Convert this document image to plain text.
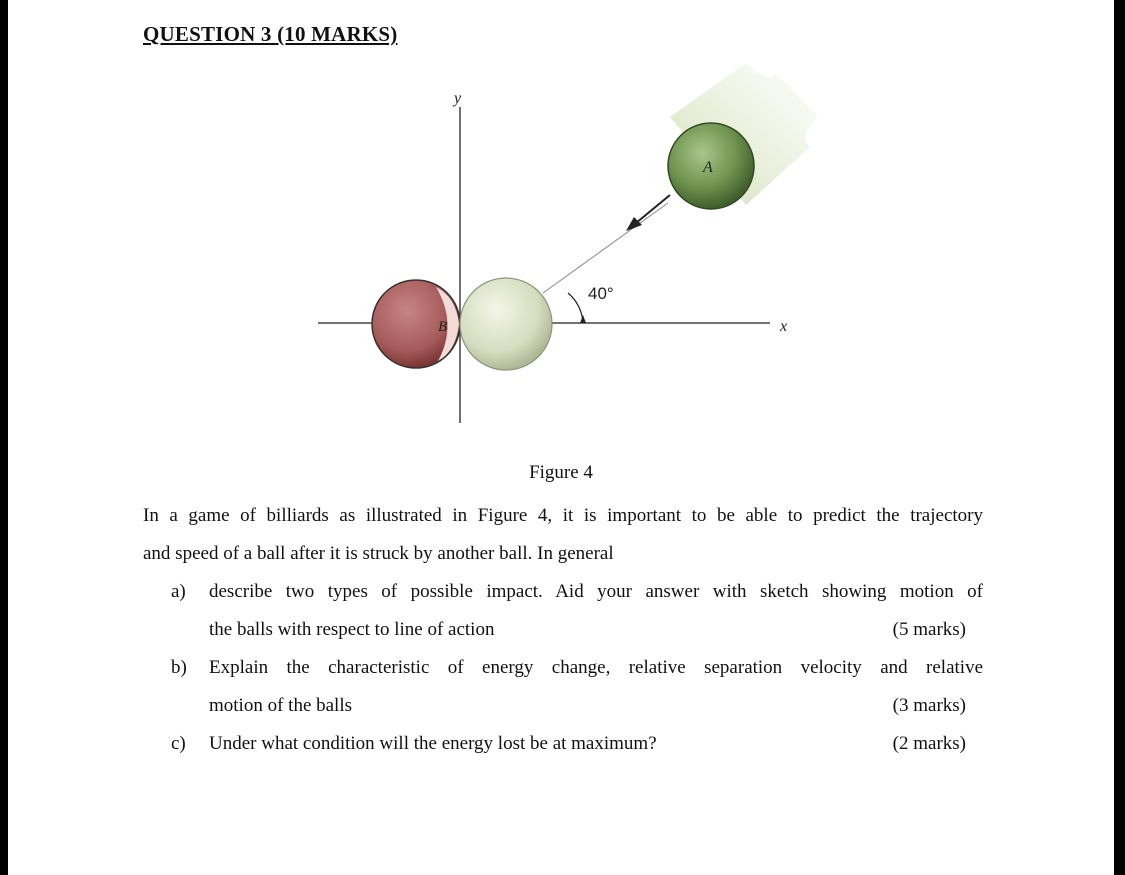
QUESTION 3 (10 MARKS)
y
x
40°
B
A
Figure 4
In a game of billiards as illustrated in Figure 4, it is important to be able to predict the trajectory
and speed of a ball after it is struck by another ball. In general
a) describe two types of possible impact. Aid your answer with sketch showing motion of
the balls with respect to line of action	(5 marks)
b) Explain the characteristic of energy change, relative separation velocity and relative
motion of the balls	(3 marks)
c) Under what condition will the energy lost be at maximum?	(2 marks)
